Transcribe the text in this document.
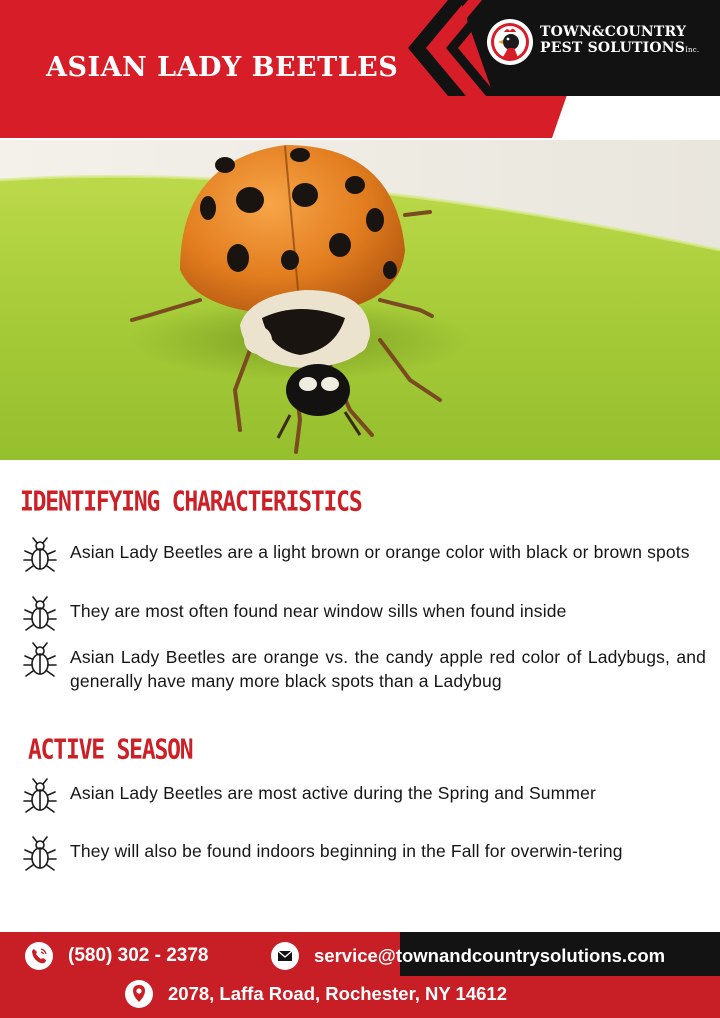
ASIAN LADY BEETLES
TOWN&COUNTRY
PEST SOLUTIONSInc.
IDENTIFYING CHARACTERISTICS
Asian Lady Beetles are a light brown or orange color with black or brown spots
They are most often found near window sills when found inside
Asian Lady Beetles are orange vs. the candy apple red color of Ladybugs, and generally have many more black spots than a Ladybug
ACTIVE SEASON
Asian Lady Beetles are most active during the Spring and Summer
They will also be found indoors beginning in the Fall for overwin-tering
(580) 302 - 2378	service@townandcountrysolutions.com
2078, Laffa Road, Rochester, NY 14612
